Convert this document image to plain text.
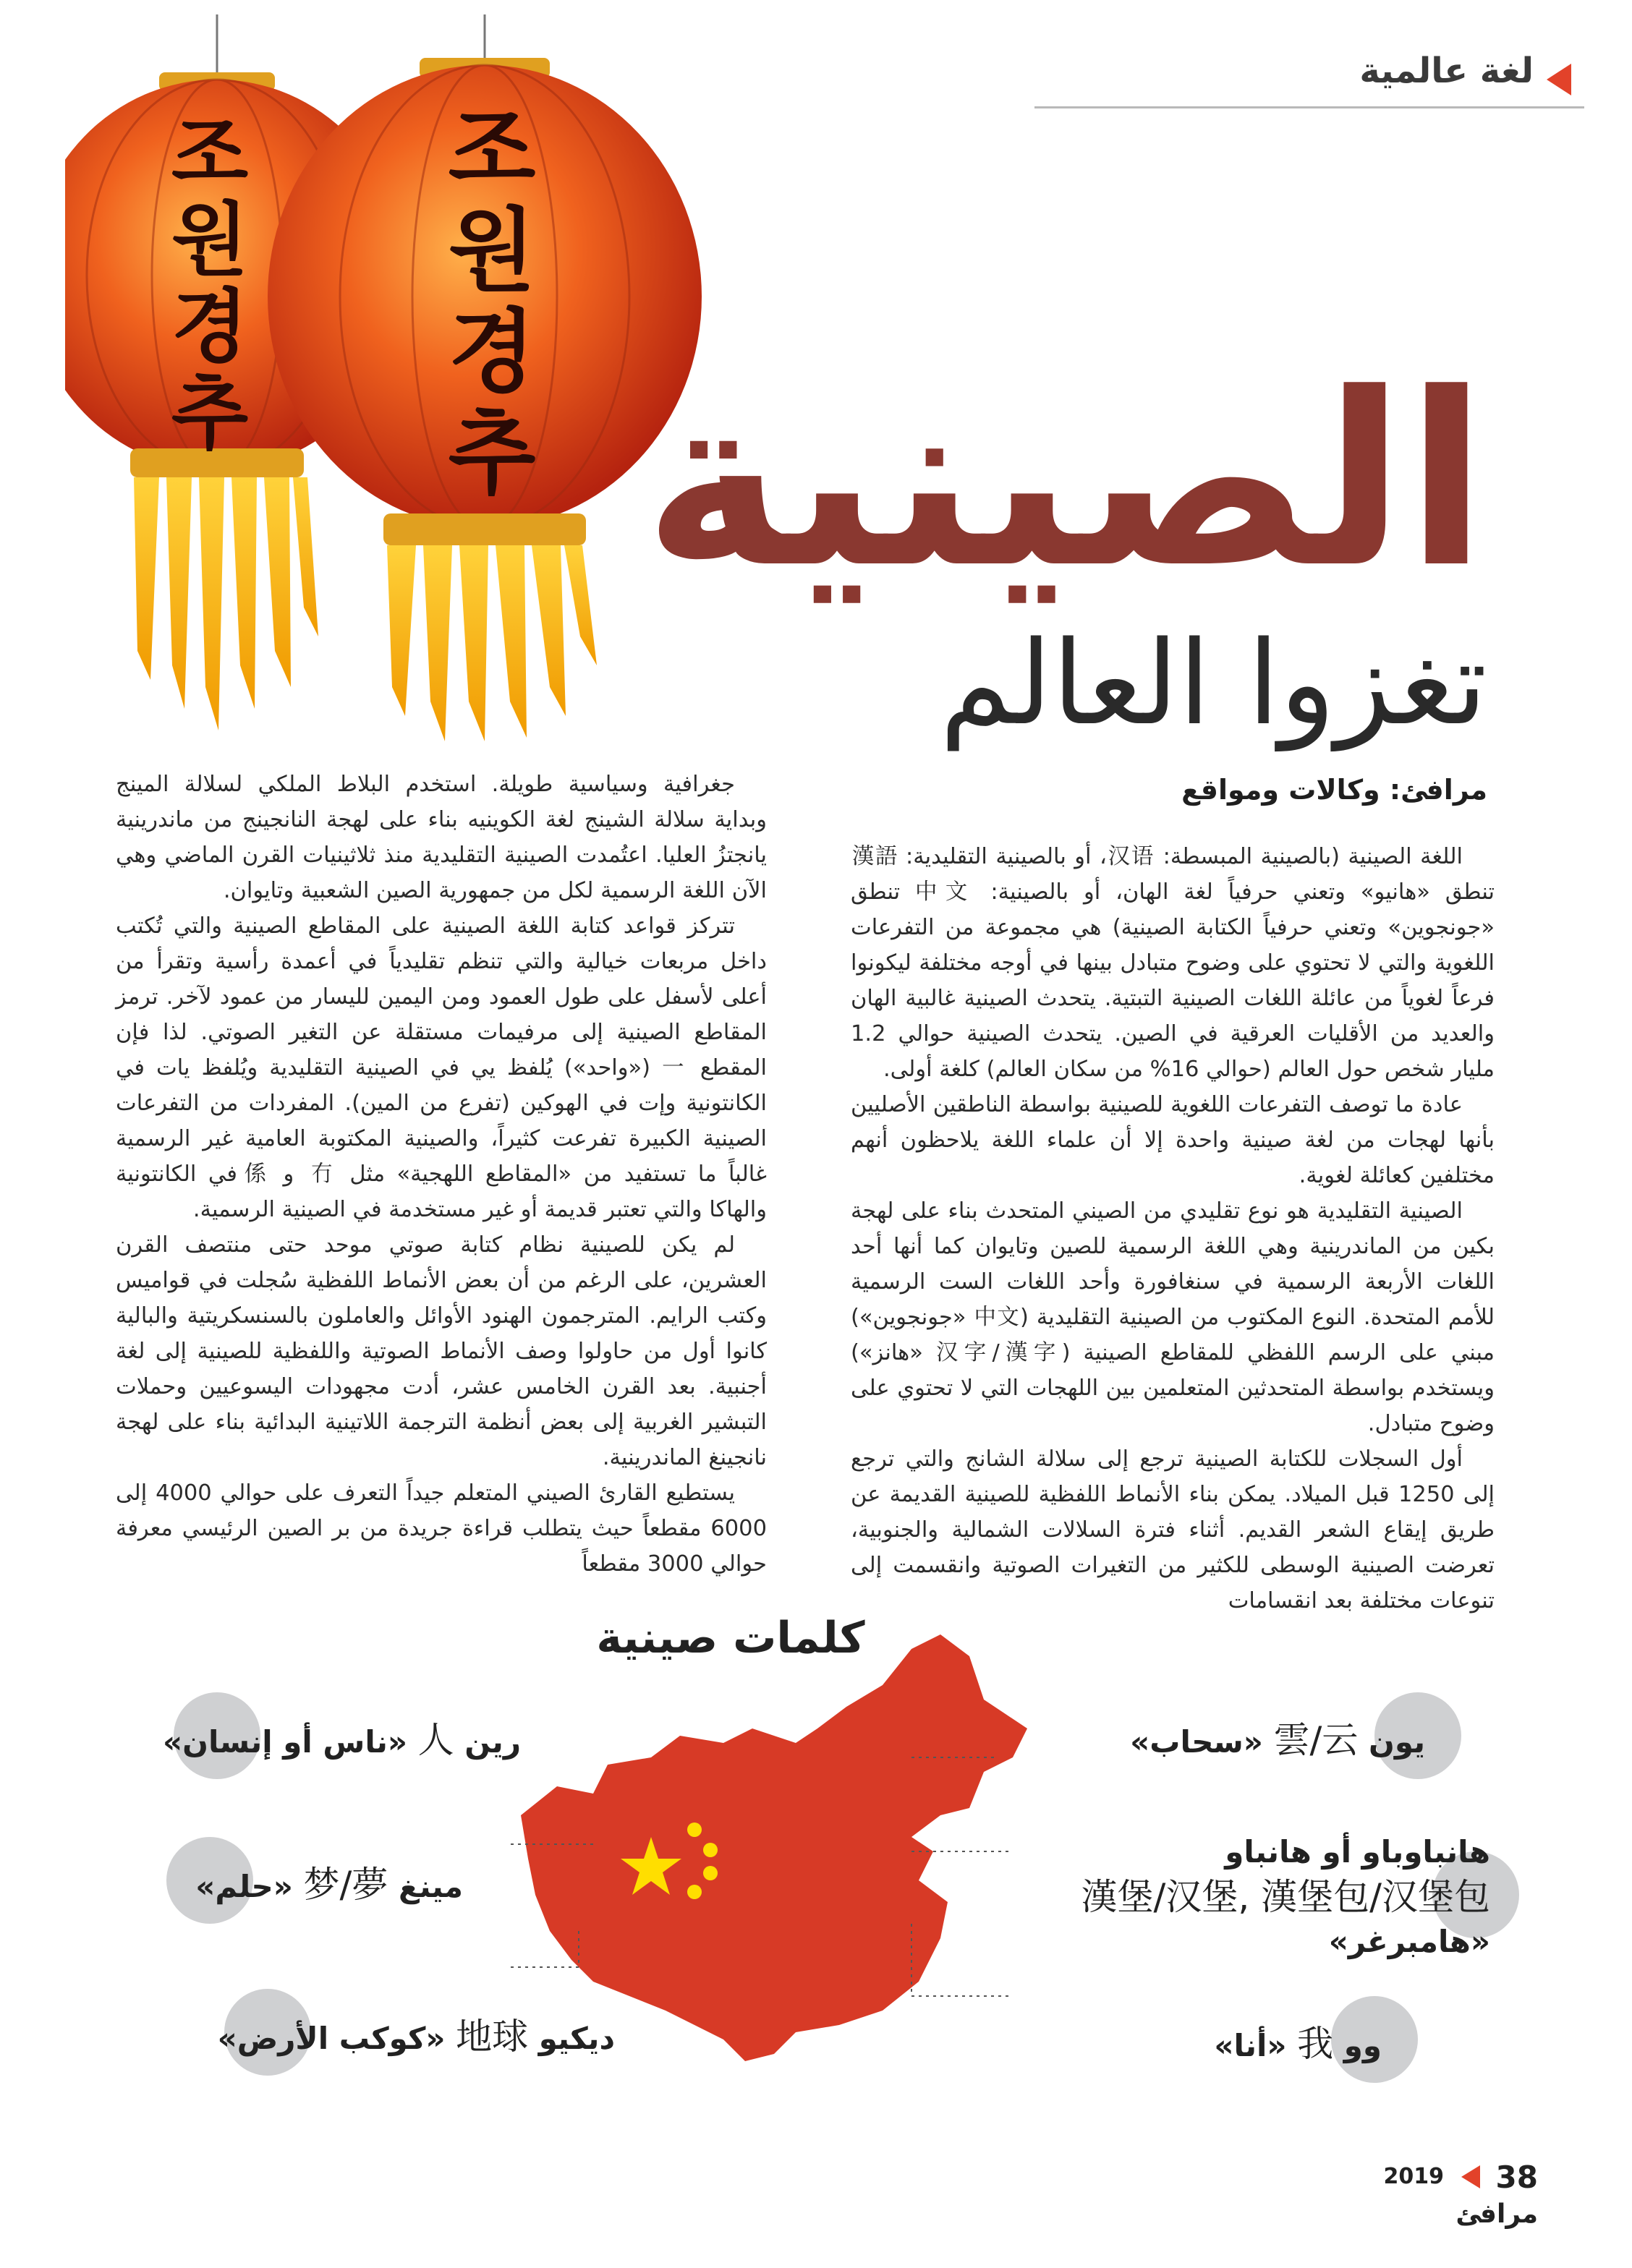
لغة عالمية
조
원
경
추
조
원
경
추 الصينية
تغزوا العالم
مرافئ: وكالات ومواقع

اللغة الصينية (بالصينية المبسطة: 汉语، أو بالصينية التقليدية: 漢語 تنطق «هانيو» وتعني حرفياً لغة الهان، أو بالصينية: 中文 تنطق «جونجوين» وتعني حرفياً الكتابة الصينية) هي مجموعة من التفرعات اللغوية والتي لا تحتوي على وضوح متبادل بينها في أوجه مختلفة ليكونوا فرعاً لغوياً من عائلة اللغات الصينية التبتية. يتحدث الصينية غالبية الهان والعديد من الأقليات العرقية في الصين. يتحدث الصينية حوالي 1.2 مليار شخص حول العالم (حوالي 16% من سكان العالم) كلغة أولى.

عادة ما توصف التفرعات اللغوية للصينية بواسطة الناطقين الأصليين بأنها لهجات من لغة صينية واحدة إلا أن علماء اللغة يلاحظون أنهم مختلفين كعائلة لغوية.

الصينية التقليدية هو نوع تقليدي من الصيني المتحدث بناء على لهجة بكين من الماندرينية وهي اللغة الرسمية للصين وتايوان كما أنها أحد اللغات الأربعة الرسمية في سنغافورة وأحد اللغات الست الرسمية للأمم المتحدة. النوع المكتوب من الصينية التقليدية (中文 «جونجوين») مبني على الرسم اللفظي للمقاطع الصينية (汉字/漢字 «هانز») ويستخدم بواسطة المتحدثين المتعلمين بين اللهجات التي لا تحتوي على وضوح متبادل.

أول السجلات للكتابة الصينية ترجع إلى سلالة الشانج والتي ترجع إلى 1250 قبل الميلاد. يمكن بناء الأنماط اللفظية للصينية القديمة عن طريق إيقاع الشعر القديم. أثناء فترة السلالات الشمالية والجنوبية، تعرضت الصينية الوسطى للكثير من التغيرات الصوتية وانقسمت إلى تنوعات مختلفة بعد انقسامات

جغرافية وسياسية طويلة. استخدم البلاط الملكي لسلالة المينج وبداية سلالة الشينج لغة الكوينيه بناء على لهجة النانجينج من ماندرينية يانجتزُ العليا. اعتُمدت الصينية التقليدية منذ ثلاثينيات القرن الماضي وهي الآن اللغة الرسمية لكل من جمهورية الصين الشعبية وتايوان.

تتركز قواعد كتابة اللغة الصينية على المقاطع الصينية والتي تُكتب داخل مربعات خيالية والتي تنظم تقليدياً في أعمدة رأسية وتقرأ من أعلى لأسفل على طول العمود ومن اليمين لليسار من عمود لآخر. ترمز المقاطع الصينية إلى مرفيمات مستقلة عن التغير الصوتي. لذا فإن المقطع 一 («واحد») يُلفظ يي في الصينية التقليدية ويُلفظ يات في الكانتونية وإت في الهوكين (تفرع من المين). المفردات من التفرعات الصينية الكبيرة تفرعت كثيراً، والصينية المكتوبة العامية غير الرسمية غالباً ما تستفيد من «المقاطع اللهجية» مثل 冇 و 係 في الكانتونية والهاكا والتي تعتبر قديمة أو غير مستخدمة في الصينية الرسمية.

لم يكن للصينية نظام كتابة صوتي موحد حتى منتصف القرن العشرين، على الرغم من أن بعض الأنماط اللفظية سُجلت في قواميس وكتب الرايم. المترجمون الهنود الأوائل والعاملون بالسنسكريتية والبالية كانوا أول من حاولوا وصف الأنماط الصوتية واللفظية للصينية إلى لغة أجنبية. بعد القرن الخامس عشر، أدت مجهودات اليسوعيين وحملات التبشير الغربية إلى بعض أنظمة الترجمة اللاتينية البدائية بناء على لهجة نانجينغ الماندرينية.

يستطيع القارئ الصيني المتعلم جيداً التعرف على حوالي 4000 إلى 6000 مقطعاً حيث يتطلب قراءة جريدة من بر الصين الرئيسي معرفة حوالي 3000 مقطعاً

كلمات صينية
رين 人 «ناس أو إنسان»
مينغ 梦/夢 «حلم»
ديكيو 地球 «كوكب الأرض»
يون 雲/云 «سحاب»
هانباوباو أو هانباو
漢堡/汉堡, 漢堡包/汉堡包
«هامبرغر»
وو 我 «أنا»
38
2019
مرافئ
